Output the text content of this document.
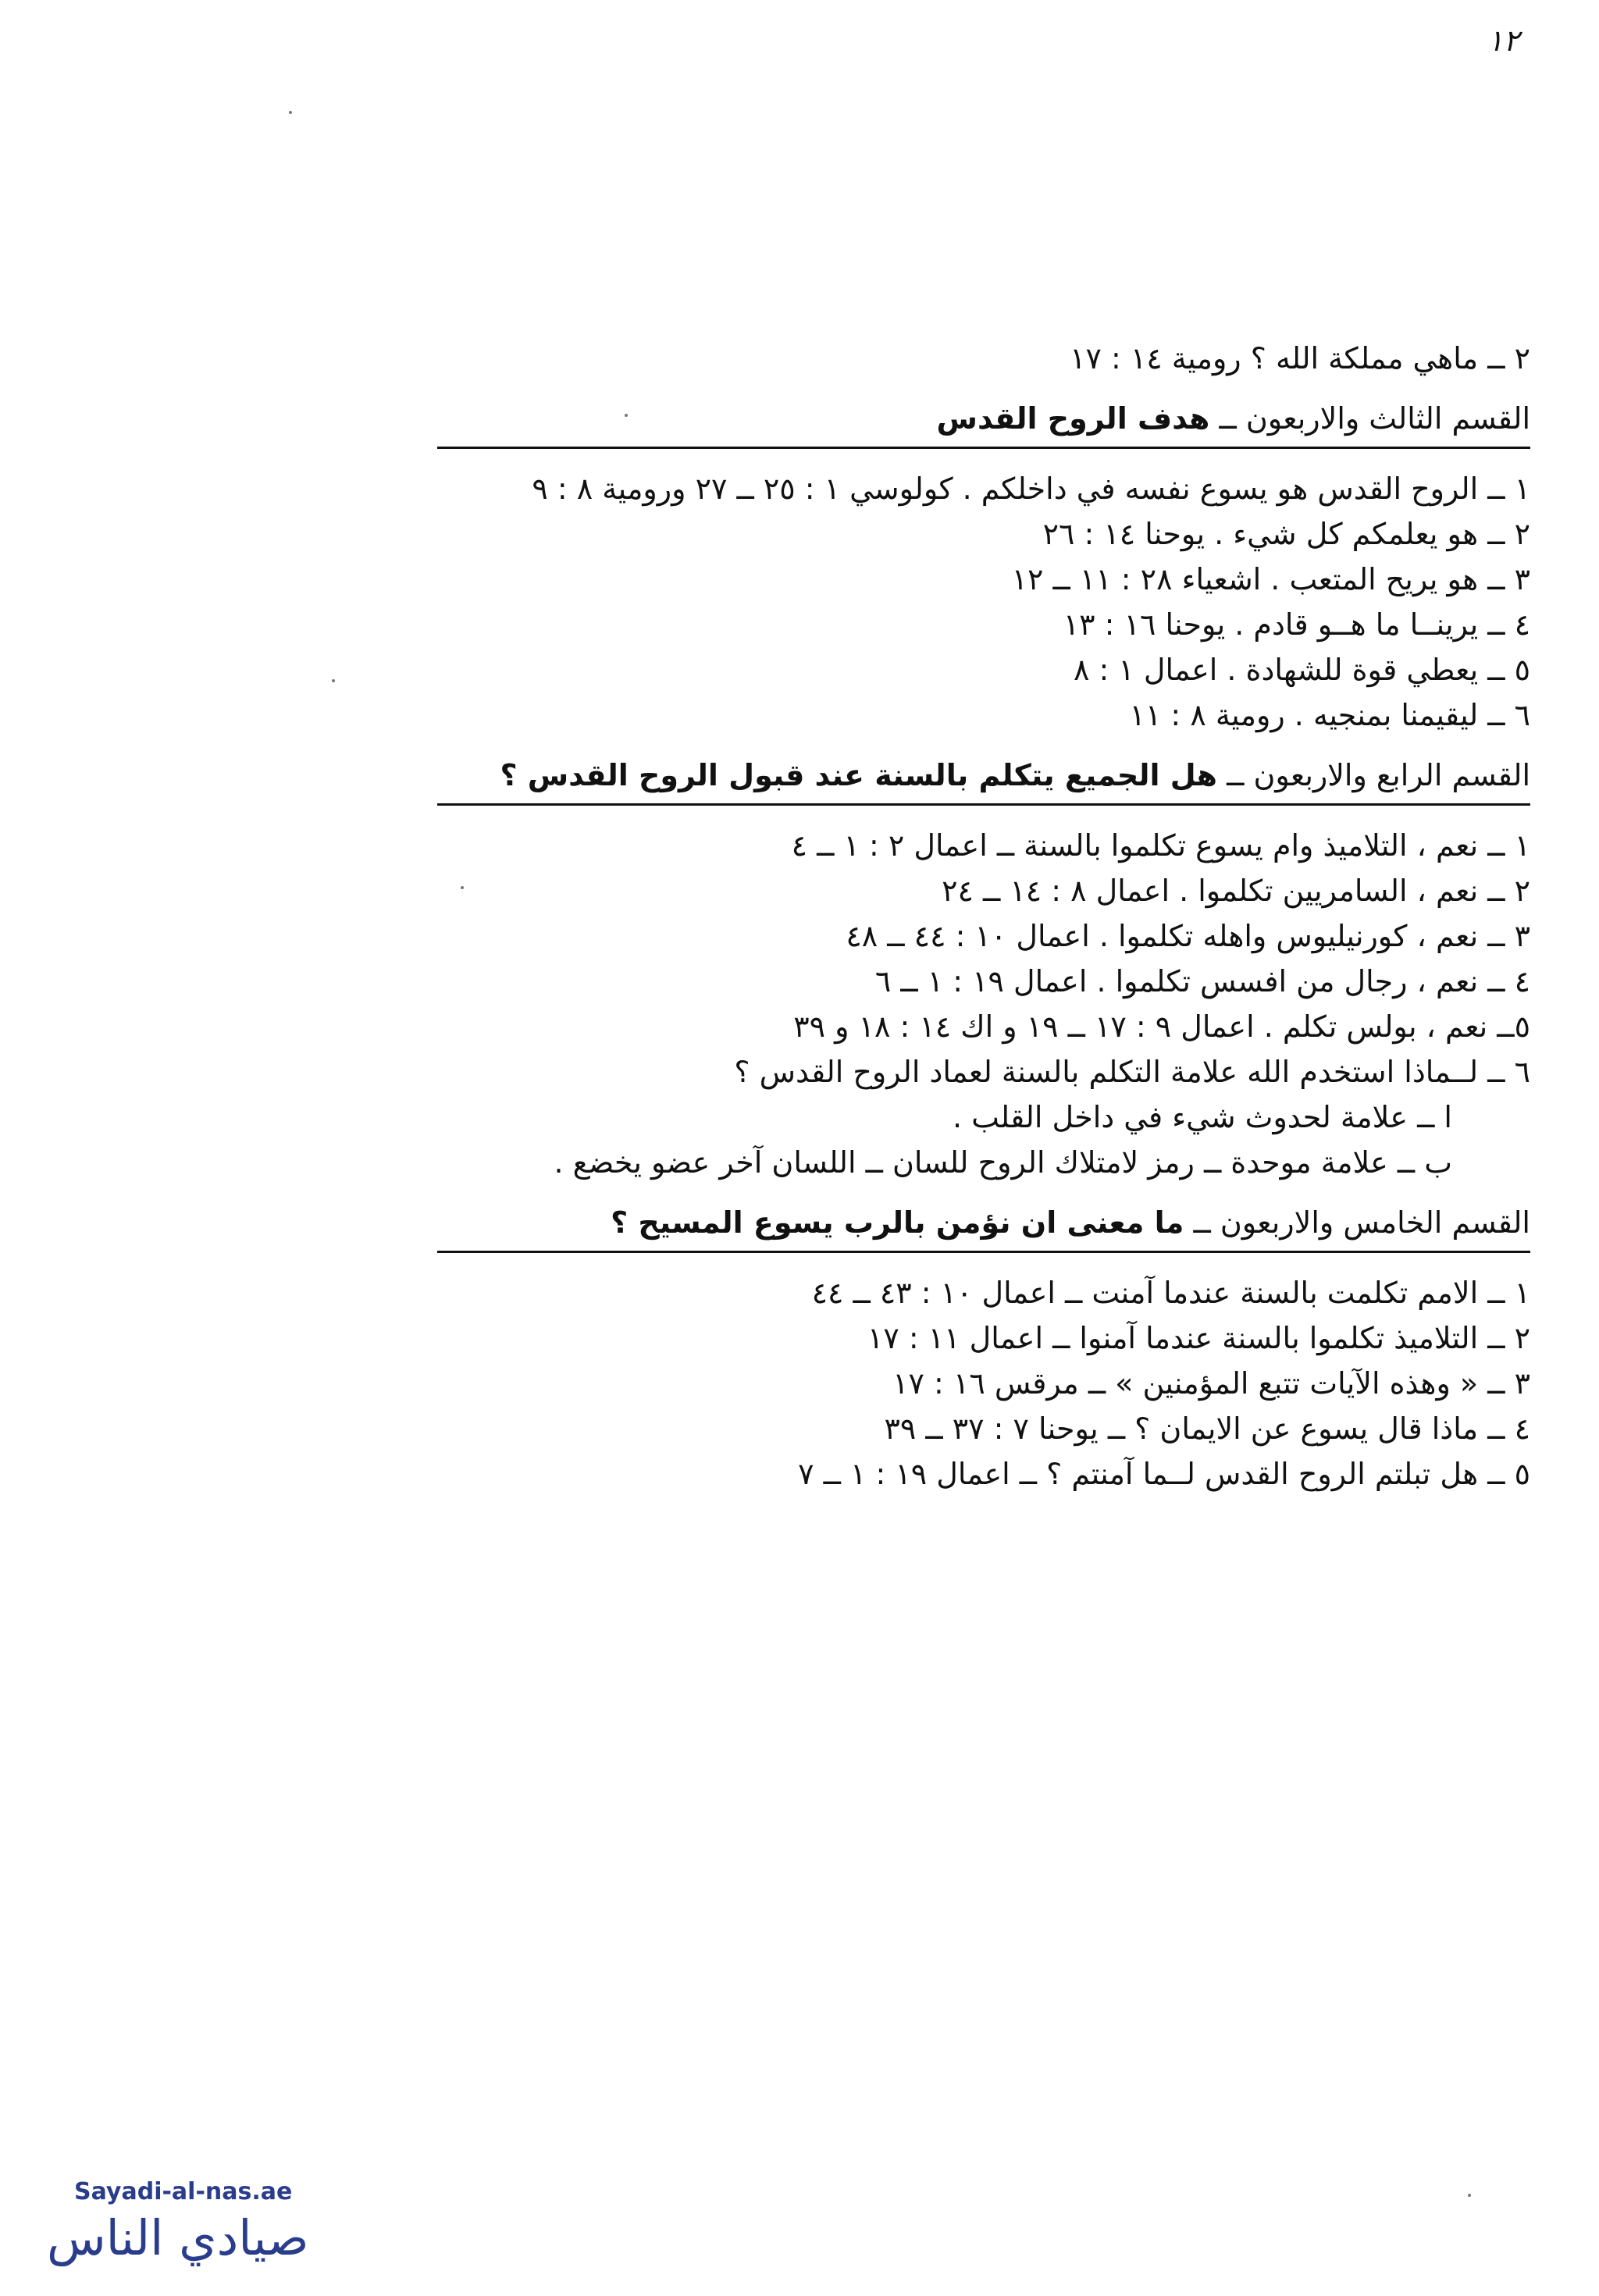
١٢
٢ ــ ماهي مملكة الله ؟ رومية ١٤ : ١٧
القسم الثالث والاربعون ــ هدف الروح القدس
١ ــ الروح القدس هو يسوع نفسه في داخلكم . كولوسي ١ : ٢٥ ــ ٢٧ ورومية ٨ : ٩
٢ ــ هو يعلمكم كل شيء . يوحنا ١٤ : ٢٦
٣ ــ هو يريح المتعب . اشعياء ٢٨ : ١١ ــ ١٢
٤ ــ يرينــا ما هــو قادم . يوحنا ١٦ : ١٣
٥ ــ يعطي قوة للشهادة . اعمال ١ : ٨
٦ ــ ليقيمنا بمنجيه . رومية ٨ : ١١
القسم الرابع والاربعون ــ هل الجميع يتكلم بالسنة عند قبول الروح القدس ؟
١ ــ نعم ، التلاميذ وام يسوع تكلموا بالسنة ــ اعمال ٢ : ١ ــ ٤
٢ ــ نعم ، السامريين تكلموا . اعمال ٨ : ١٤ ــ ٢٤
٣ ــ نعم ، كورنيليوس واهله تكلموا . اعمال ١٠ : ٤٤ ــ ٤٨
٤ ــ نعم ، رجال من افسس تكلموا . اعمال ١٩ : ١ ــ ٦
٥ــ نعم ، بولس تكلم . اعمال ٩ : ١٧ ــ ١٩ و اك ١٤ : ١٨ و ٣٩
٦ ــ لــماذا استخدم الله علامة التكلم بالسنة لعماد الروح القدس ؟
ا ــ علامة لحدوث شيء في داخل القلب .
ب ــ علامة موحدة ــ رمز لامتلاك الروح للسان ــ اللسان آخر عضو يخضع .
القسم الخامس والاربعون ــ ما معنى ان نؤمن بالرب يسوع المسيح ؟
١ ــ الامم تكلمت بالسنة عندما آمنت ــ اعمال ١٠ : ٤٣ ــ ٤٤
٢ ــ التلاميذ تكلموا بالسنة عندما آمنوا ــ اعمال ١١ : ١٧
٣ ــ « وهذه الآيات تتبع المؤمنين » ــ مرقس ١٦ : ١٧
٤ ــ ماذا قال يسوع عن الايمان ؟ ــ يوحنا ٧ : ٣٧ ــ ٣٩
٥ ــ هل تبلتم الروح القدس لــما آمنتم ؟ ــ اعمال ١٩ : ١ ــ ٧
Sayadi-al-nas.ae
صيادي الناس
